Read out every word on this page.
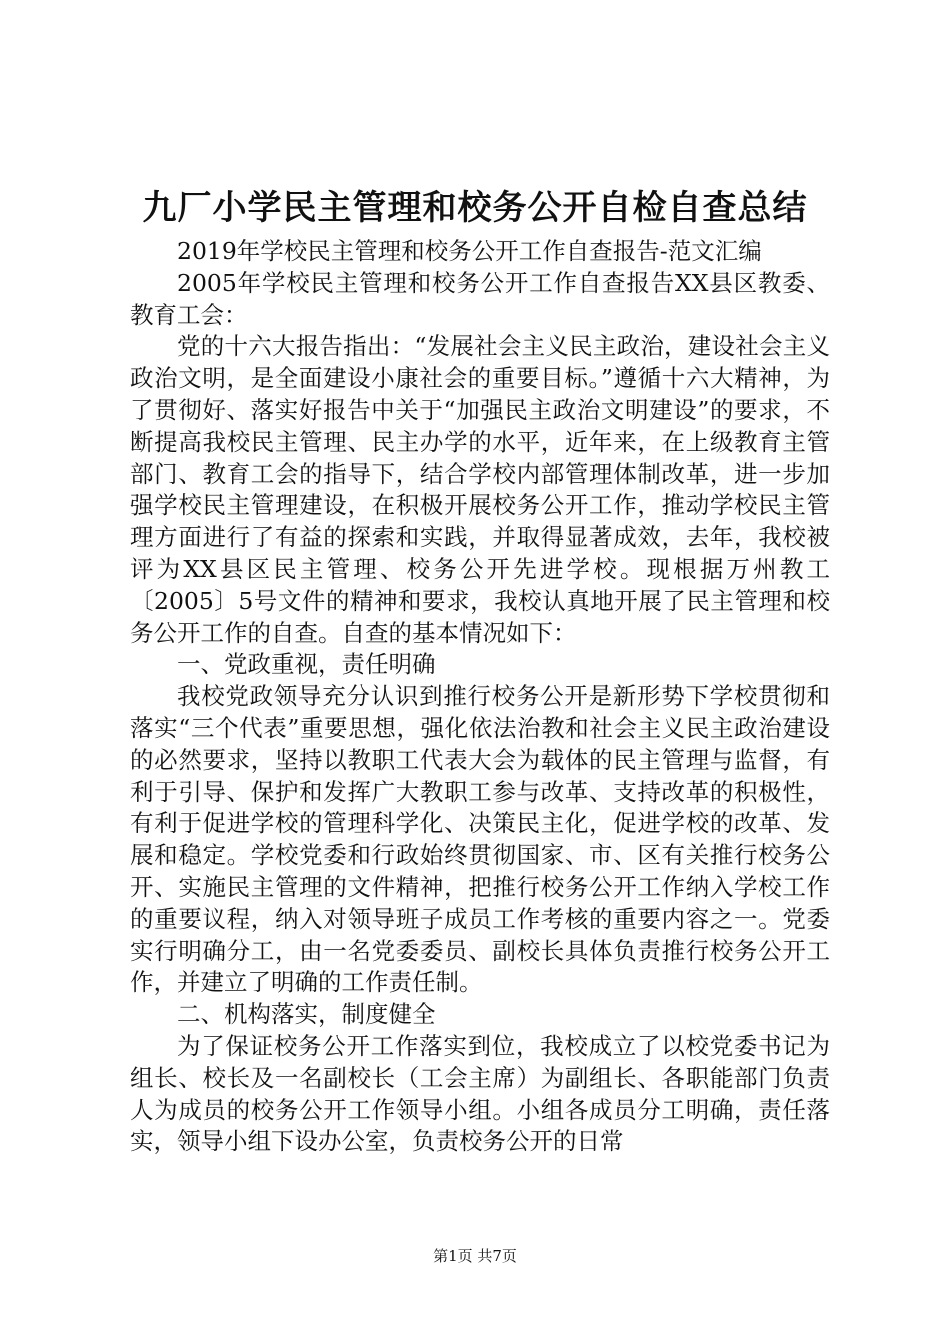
九厂小学民主管理和校务公开自检自查总结

2019年学校民主管理和校务公开工作自查报告-范文汇编

2005年学校民主管理和校务公开工作自查报告XX县区教委、教育工会：

党的十六大报告指出：“发展社会主义民主政治，建设社会主义政治文明，是全面建设小康社会的重要目标。”遵循十六大精神，为了贯彻好、落实好报告中关于“加强民主政治文明建设”的要求，不断提高我校民主管理、民主办学的水平，近年来，在上级教育主管部门、教育工会的指导下，结合学校内部管理体制改革，进一步加强学校民主管理建设，在积极开展校务公开工作，推动学校民主管理方面进行了有益的探索和实践，并取得显著成效，去年，我校被评为XX县区民主管理、校务公开先进学校。现根据万州教工〔2005〕5号文件的精神和要求，我校认真地开展了民主管理和校务公开工作的自查。自查的基本情况如下：

一、党政重视，责任明确

我校党政领导充分认识到推行校务公开是新形势下学校贯彻和落实“三个代表”重要思想，强化依法治教和社会主义民主政治建设的必然要求，坚持以教职工代表大会为载体的民主管理与监督，有利于引导、保护和发挥广大教职工参与改革、支持改革的积极性，有利于促进学校的管理科学化、决策民主化，促进学校的改革、发展和稳定。学校党委和行政始终贯彻国家、市、区有关推行校务公开、实施民主管理的文件精神，把推行校务公开工作纳入学校工作的重要议程，纳入对领导班子成员工作考核的重要内容之一。党委实行明确分工，由一名党委委员、副校长具体负责推行校务公开工作，并建立了明确的工作责任制。

二、机构落实，制度健全

为了保证校务公开工作落实到位，我校成立了以校党委书记为组长、校长及一名副校长（工会主席）为副组长、各职能部门负责人为成员的校务公开工作领导小组。小组各成员分工明确，责任落实，领导小组下设办公室，负责校务公开的日常

第1页 共7页
